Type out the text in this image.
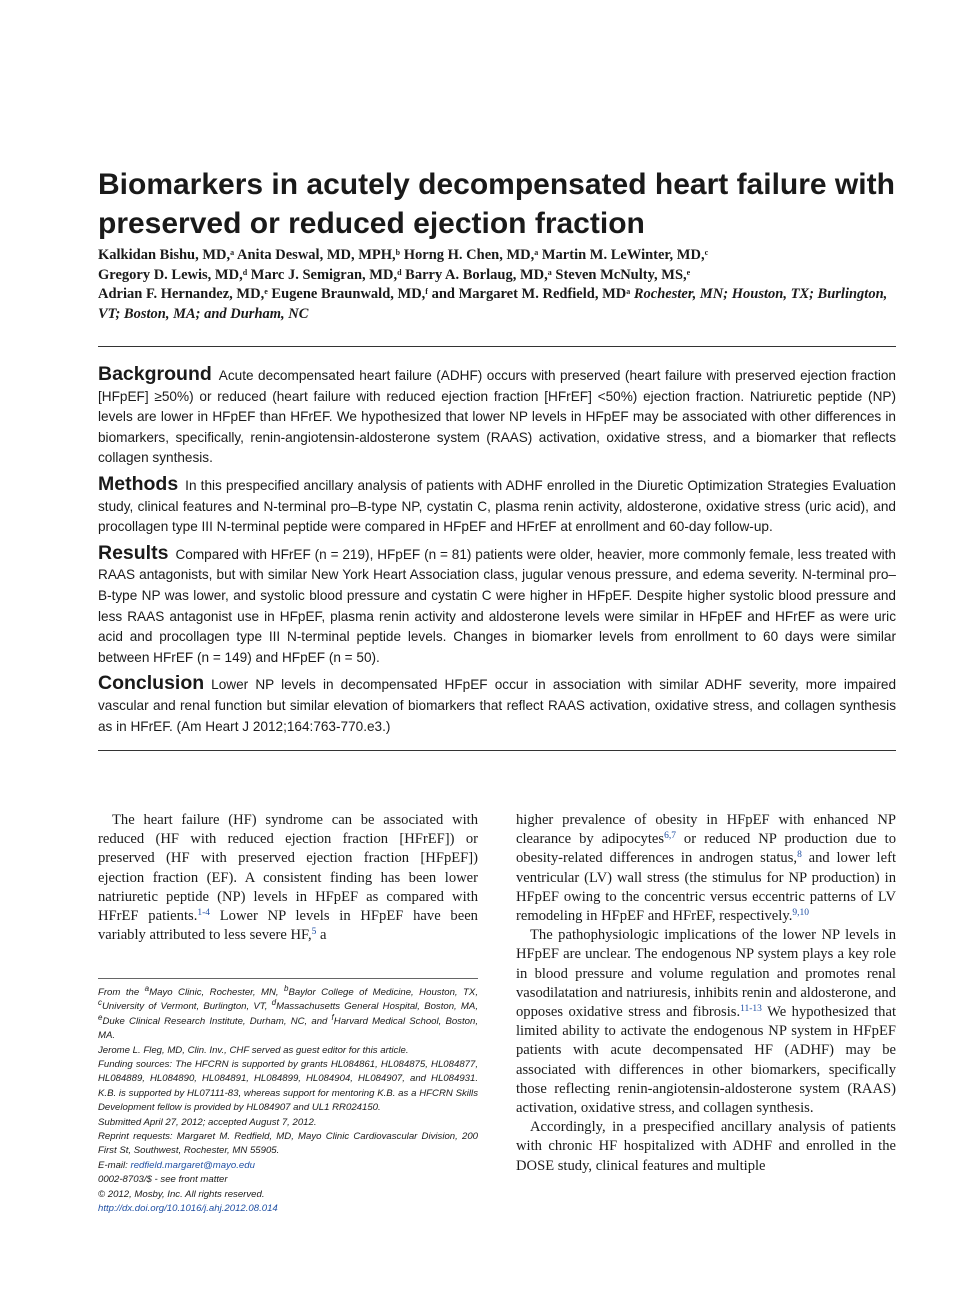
Biomarkers in acutely decompensated heart failure with preserved or reduced ejection fraction
Kalkidan Bishu, MD,$^a$ Anita Deswal, MD, MPH,$^b$ Horng H. Chen, MD,$^a$ Martin M. LeWinter, MD,$^c$
Gregory D. Lewis, MD,$^d$ Marc J. Semigran, MD,$^d$ Barry A. Borlaug, MD,$^a$ Steven McNulty, MS,$^e$
Adrian F. Hernandez, MD,$^e$ Eugene Braunwald, MD,$^f$ and Margaret M. Redfield, $MD^a$ Rochester, MN; Houston, TX; Burlington, VT; Boston, MA; and Durham, NC

Background Acute decompensated heart failure (ADHF) occurs with preserved (heart failure with preserved ejection fraction [HFpEF] ≥50%) or reduced (heart failure with reduced ejection fraction [HFrEF] <50%) ejection fraction. Natriuretic peptide (NP) levels are lower in HFpEF than HFrEF. We hypothesized that lower NP levels in HFpEF may be associated with other differences in biomarkers, specifically, renin-angiotensin-aldosterone system (RAAS) activation, oxidative stress, and a biomarker that reflects collagen synthesis.

Methods In this prespecified ancillary analysis of patients with ADHF enrolled in the Diuretic Optimization Strategies Evaluation study, clinical features and N-terminal pro–B-type NP, cystatin C, plasma renin activity, aldosterone, oxidative stress (uric acid), and procollagen type III N-terminal peptide were compared in HFpEF and HFrEF at enrollment and 60-day follow-up.

Results Compared with HFrEF (n = 219), HFpEF (n = 81) patients were older, heavier, more commonly female, less treated with RAAS antagonists, but with similar New York Heart Association class, jugular venous pressure, and edema severity. N-terminal pro–B-type NP was lower, and systolic blood pressure and cystatin C were higher in HFpEF. Despite higher systolic blood pressure and less RAAS antagonist use in HFpEF, plasma renin activity and aldosterone levels were similar in HFpEF and HFrEF as were uric acid and procollagen type III N-terminal peptide levels. Changes in biomarker levels from enrollment to 60 days were similar between HFrEF (n = 149) and HFpEF (n = 50).

Conclusion Lower NP levels in decompensated HFpEF occur in association with similar ADHF severity, more impaired vascular and renal function but similar elevation of biomarkers that reflect RAAS activation, oxidative stress, and collagen synthesis as in HFrEF. (Am Heart J 2012;164:763-770.e3.)

The heart failure (HF) syndrome can be associated with reduced (HF with reduced ejection fraction [HFrEF]) or preserved (HF with preserved ejection fraction [HFpEF]) ejection fraction (EF). A consistent finding has been lower natriuretic peptide (NP) levels in HFpEF as compared with HFrEF patients.$^{1-4}$ Lower NP levels in HFpEF have been variably attributed to less severe HF,$^5$ a

From the $^a$Mayo Clinic, Rochester, MN, $^b$Baylor College of Medicine, Houston, TX, $^c$University of Vermont, Burlington, VT, $^d$Massachusetts General Hospital, Boston, MA, $^e$Duke Clinical Research Institute, Durham, NC, and $^f$Harvard Medical School, Boston, MA.
Jerome L. Fleg, MD, Clin. Inv., CHF served as guest editor for this article.
Funding sources: The HFCRN is supported by grants HL084861, HL084875, HL084877, HL084889, HL084890, HL084891, HL084899, HL084904, HL084907, and HL084931. K.B. is supported by HL07111-83, whereas support for mentoring K.B. as a HFCRN Skills Development fellow is provided by HL084907 and UL1 RR024150.
Submitted April 27, 2012; accepted August 7, 2012.
Reprint requests: Margaret M. Redfield, MD, Mayo Clinic Cardiovascular Division, 200 First St, Southwest, Rochester, MN 55905.
E-mail: redfield.margaret@mayo.edu
0002-8703/$ - see front matter
© 2012, Mosby, Inc. All rights reserved.
http://dx.doi.org/10.1016/j.ahj.2012.08.014

higher prevalence of obesity in HFpEF with enhanced NP clearance by adipocytes$^{6,7}$ or reduced NP production due to obesity-related differences in androgen status,$^8$ and lower left ventricular (LV) wall stress (the stimulus for NP production) in HFpEF owing to the concentric versus eccentric patterns of LV remodeling in HFpEF and HFrEF, respectively.$^{9,10}$

The pathophysiologic implications of the lower NP levels in HFpEF are unclear. The endogenous NP system plays a key role in blood pressure and volume regulation and promotes renal vasodilatation and natriuresis, inhibits renin and aldosterone, and opposes oxidative stress and fibrosis.$^{11-13}$ We hypothesized that limited ability to activate the endogenous NP system in HFpEF patients with acute decompensated HF (ADHF) may be associated with differences in other biomarkers, specifically those reflecting renin-angiotensin-aldosterone system (RAAS) activation, oxidative stress, and collagen synthesis.

Accordingly, in a prespecified ancillary analysis of patients with chronic HF hospitalized with ADHF and enrolled in the DOSE study, clinical features and multiple
